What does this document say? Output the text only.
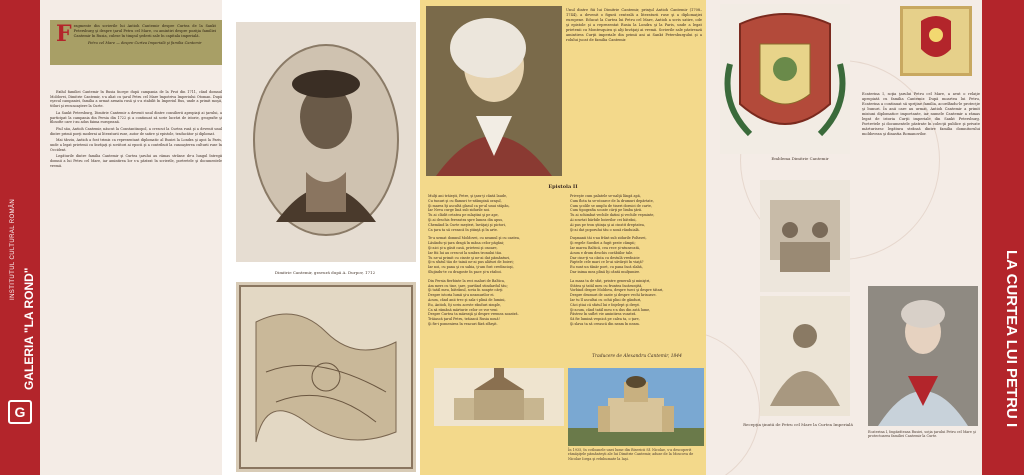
INSTITUTUL CULTURAL ROMÂN
GALERIA "LA ROND"
G
F ragmente din scrierile lui Antioh Cantemir despre Curtea de la Sankt Petersburg şi despre ţarul Petru cel Mare, cu amintiri despre poziţia familiei Cantemir în Rusia, culese în timpul şederii sale în capitala imperială.
Petru cel Mare — despre Curtea Imperială şi familia Cantemir

Exilul familiei Cantemir în Rusia începe după campania de la Prut din 1711, când domnul Moldovei, Dimitrie Cantemir, s-a aliat cu ţarul Petru cel Mare împotriva Imperiului Otoman. După eşecul campaniei, familia a urmat armata rusă şi s-a stabilit în Imperiul Rus, unde a primit moşii, titluri şi recunoaştere la Curte.

La Sankt Petersburg, Dimitrie Cantemir a devenit unul dintre consilierii apropiaţi ai ţarului, a participat la campania din Persia din 1722 şi a continuat să scrie lucrări de istorie, geografie şi filosofie care i-au adus faima europeană.

Fiul său, Antioh Cantemir, născut la Constantinopol, a crescut la Curtea rusă şi a devenit unul dintre primii poeţi moderni ai literaturii ruse, autor de satire şi epistole, traducător şi diplomat.

Mai târziu, Antioh a fost trimis ca reprezentant diplomatic al Rusiei la Londra şi apoi la Paris, unde a legat prietenii cu învăţaţi şi scriitori ai epocii şi a contribuit la cunoaşterea culturii ruse în Occident.

Legăturile dintre familia Cantemir şi Curtea ţarului au rămas strânse de-a lungul întregii domnii a lui Petru cel Mare, iar amintirea lor s-a păstrat în scrierile, portretele şi documentele vremii.

Dimitrie Cantemir, gravură după A. Durpov, 1712
Unul dintre fiii lui Dimitrie Cantemir, prinţul Antioh Cantemir (1708–1744), a devenit o figură centrală a literaturii ruse şi a diplomaţiei europene. Educat la Curtea lui Petru cel Mare, Antioh a scris satire, ode şi epistole şi a reprezentat Rusia la Londra şi la Paris, unde a legat prietenii cu Montesquieu şi alţi învăţaţi ai vremii. Scrierile sale păstrează amintirea Curţii imperiale din primii ani ai Sankt Petersburgului şi a rolului jucat de familia Cantemir.
Epistola II
Mulţi ani trăieşti, Petre, şi ţara-ţi cântă laude,
Cu tunuri şi cu flamuri te-ntâmpină oraşul,
Şi marea îţi ascultă glasul ca pe-al unui stăpân,
Iar Neva curge lină sub zidurile noi.
Tu ai clădit cetatea pe mlaştini şi pe ape,
Şi ai deschis fereastra spre lumea din apus,
Chemând la Curte meşteri, învăţaţi şi pictori,
Ca ţara ta să crească în ştiinţă şi în arte.
Te-a urmat domnul Moldovei, cu neamul şi cu oastea,
Lăsându-şi ţara dragă în mâna celor păgâni;
Şi-aici şi-a găsit casă, prieteni şi onoare,
Iar fiii lui au crescut la umbra tronului tău.
Tu ne-ai primit cu cinste şi ne-ai dat pământuri,
Şi-n sfatul tău de taină ne-ai pus alături de boieri;
Iar noi, cu pana şi cu sabia, ţi-am fost credincioşi,
Slujindu-te cu dragoste în pace şi-n război.
Din Persia fierbinte la reci maluri de Baltica,
Am mers cu tine, ţare, purtând stindardul tău;
Şi tatăl meu, bătrânul, scria în noapte cărţi
Despre istoria lumii şi-a neamurilor ei.
Acum, când anii trec şi sala-i plină de lumini,
Eu, Antioh, îţi scriu aceste rânduri simple,
Ca să rămână mărturie celor ce vor veni
Despre Curtea ta măreaţă şi despre vremea noastră.
Trăiască ţarul Petru, trăiască Rusia nouă!
Şi fie-i pomenirea în veacuri fără sfârşit.
Priveşte cum palatele se-nalţă lângă apă,
Cum flota ta se-ntoarce de la drumuri depărtate,
Cum şcolile se umplu de tineri dornici de carte,
Cum tipografia scoate cărţi pe limba ţării.
Tu ai schimbat vechile datini şi vechile veşminte,
Ai scurtat bărbile boierilor cei bătrâni,
Ai pus pe tron ştiinţa şi ai cinstit dreptatea,
Şi-ai dat poporului tău o nouă rânduială.
Duşmanii tăi s-au frânt sub zidurile Poltavei,
Şi regele Suediei a fugit peste câmpii;
Iar marea Baltică, cea rece şi-ntunecată,
Acum e drum deschis corăbiilor tale.
Dar cine-ţi va cânta cu destulă vrednicie
Faptele cele mari ce le-ai săvârşit în viaţă?
Eu sunt un tânăr poet, cu pana încă slabă,
Dar inima mea plină îţi cântă mulţumire.
La masa ta de sfat, printre generali şi miniştri,
Stătea şi tatăl meu cu fruntea încărunţită,
Vorbind despre Moldova, despre turci şi despre tătari,
Despre drumuri de oaste şi despre vechi hrisoave.
Iar tu îl ascultai cu ochii plini de gânduri,
Căci ştiai că sfatul lui e înţelept şi drept.
Şi-acum, când tatăl meu s-a dus din astă lume,
Păstrez în suflet vie amintirea voastră.
Să fie lumină veşnică pe calea ta, o ţare,
Şi slava ta să crească din neam în neam.
Traducere de Alexandru Cantemir, 1844
În 1935, în cotloanele unei lume din Bisericii Sf. Nicolae, s-a descoperit rămăşiţele pământeşti ale lui Dimitrie Cantemir, aduse de la Moscova de Nicolae Iorga şi reînhumate la Iaşi.
Emblema Dimitrie Cantemir
Ecaterina I, soţia ţarului Petru cel Mare, a avut o relaţie apropiată cu familia Cantemir. După moartea lui Petru, Ecaterina a continuat să sprijine familia, acordându-le protecţie şi bunuri. În anii care au urmat, Antioh Cantemir a primit misiuni diplomatice importante, iar numele Cantemir a rămas legat de istoria Curţii imperiale din Sankt Petersburg. Portretele şi documentele păstrate în colecţii publice şi private mărturisesc legătura strânsă dintre familia domnitorului moldovean şi dinastia Romanovilor.
Recepţia ţinută de Petru cel Mare la Curtea Imperială
Ecaterina I, împărăteasa Rusiei, soţia ţarului Petru cel Mare şi protectoarea familiei Cantemir la Curte.
LA CURTEA LUI PETRU I
